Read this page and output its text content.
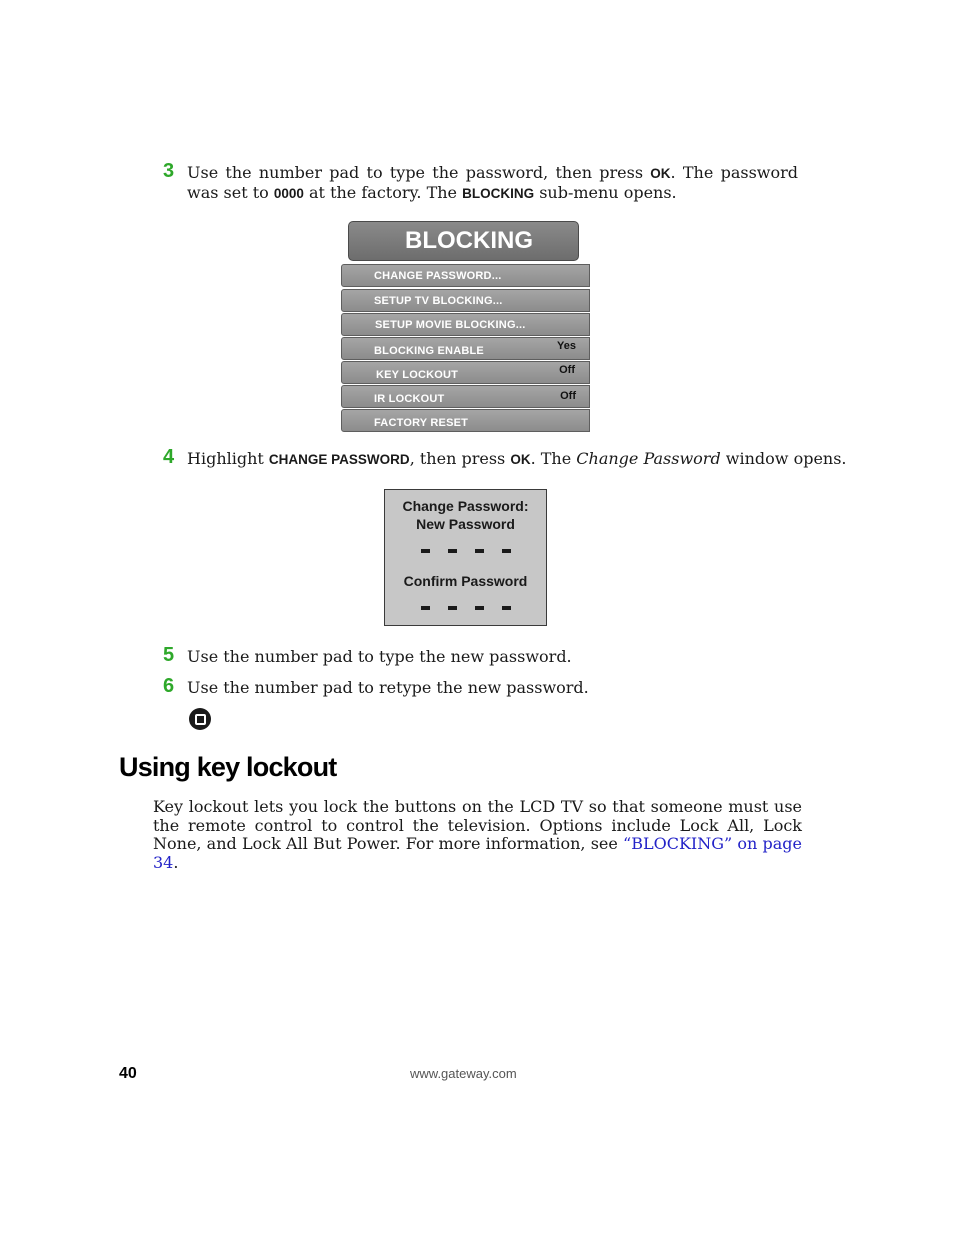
3 Use the number pad to type the password, then press OK. The password was set to 0000 at the factory. The BLOCKING sub-menu opens.
BLOCKING
CHANGE PASSWORD...
SETUP TV BLOCKING...
SETUP MOVIE BLOCKING...
BLOCKING ENABLE	Yes
KEY LOCKOUT	Off
IR LOCKOUT	Off
FACTORY RESET
4 Highlight CHANGE PASSWORD, then press OK. The Change Password window opens.
Change Password:
New Password
Confirm Password
5 Use the number pad to type the new password.
6 Use the number pad to retype the new password.
Using key lockout
Key lockout lets you lock the buttons on the LCD TV so that someone must use the remote control to control the television. Options include Lock All, Lock None, and Lock All But Power. For more information, see “BLOCKING” on page 34.
40	www.gateway.com
